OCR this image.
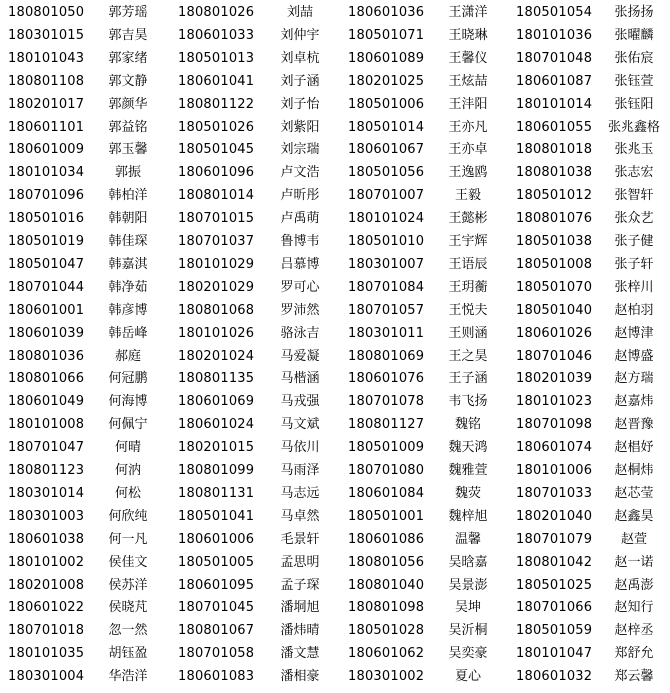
180801050	郭芳瑶	180801026	刘喆	180601036	王潇洋	180501054	张扬扬
180301015	郭吉昊	180601033	刘仲宇	180501071	王晓琳	180101036	张曜麟
180101043	郭家绪	180501013	刘卓杭	180601089	王馨仪	180701048	张佑宸
180801108	郭文静	180601041	刘子涵	180201025	王炫喆	180601087	张钰萱
180201017	郭颜华	180801122	刘子怡	180501006	王沣阳	180101014	张钰阳
180601101	郭益铭	180501026	刘紫阳	180501014	王亦凡	180601055	张兆鑫格
180601009	郭玉馨	180501045	刘宗瑞	180601067	王亦卓	180801018	张兆玉
180101034	郭振	180601096	卢文浩	180501056	王逸鸥	180801038	张志宏
180701096	韩柏洋	180801014	卢昕彤	180701007	王毅	180501012	张智轩
180501016	韩朝阳	180701015	卢禹萌	180101024	王懿彬	180801076	张众艺
180501019	韩佳琛	180701037	鲁博韦	180501010	王宇辉	180501038	张子健
180501047	韩嘉淇	180101029	吕慕博	180301007	王语辰	180501008	张子轩
180701044	韩净茹	180201029	罗可心	180701084	王玥蘅	180501070	张梓川
180601001	韩彦博	180801068	罗沛然	180701057	王悦夫	180501040	赵柏羽
180601039	韩岳峰	180101026	骆泳吉	180301011	王则涵	180601026	赵博津
180801036	郝庭	180201024	马爱凝	180801069	王之昊	180701046	赵博盛
180801066	何冠鹏	180801135	马楷涵	180601076	王子涵	180201039	赵方瑞
180601049	何海博	180601069	马戎强	180701078	韦飞扬	180101023	赵嘉炜
180101008	何佩宁	180601024	马文斌	180801127	魏铭	180701098	赵晋豫
180701047	何晴	180201015	马依川	180501009	魏天鸿	180601074	赵椙妤
180801123	何汭	180801099	马雨泽	180701080	魏雅萱	180101006	赵桐炜
180301014	何松	180801131	马志远	180601084	魏荧	180701033	赵芯莹
180301003	何欣纯	180501041	马卓然	180501001	魏梓旭	180201040	赵鑫昊
180601038	何一凡	180601006	毛景轩	180601086	温馨	180701079	赵萱
180101002	侯佳文	180501005	孟思明	180801056	吴晗嘉	180801042	赵一诺
180201008	侯苏洋	180601095	孟子琛	180801040	吴景澎	180501025	赵禹澎
180601022	侯晓芃	180701045	潘垌旭	180801098	吴坤	180701066	赵知行
180701018	忽一然	180801067	潘炜晴	180501028	吴沂桐	180501059	赵梓丞
180101035	胡钰盈	180701058	潘文慧	180601062	吴奕豪	180101047	郑舒允
180301004	华浩洋	180601083	潘相豪	180301002	夏心	180601032	郑云馨
